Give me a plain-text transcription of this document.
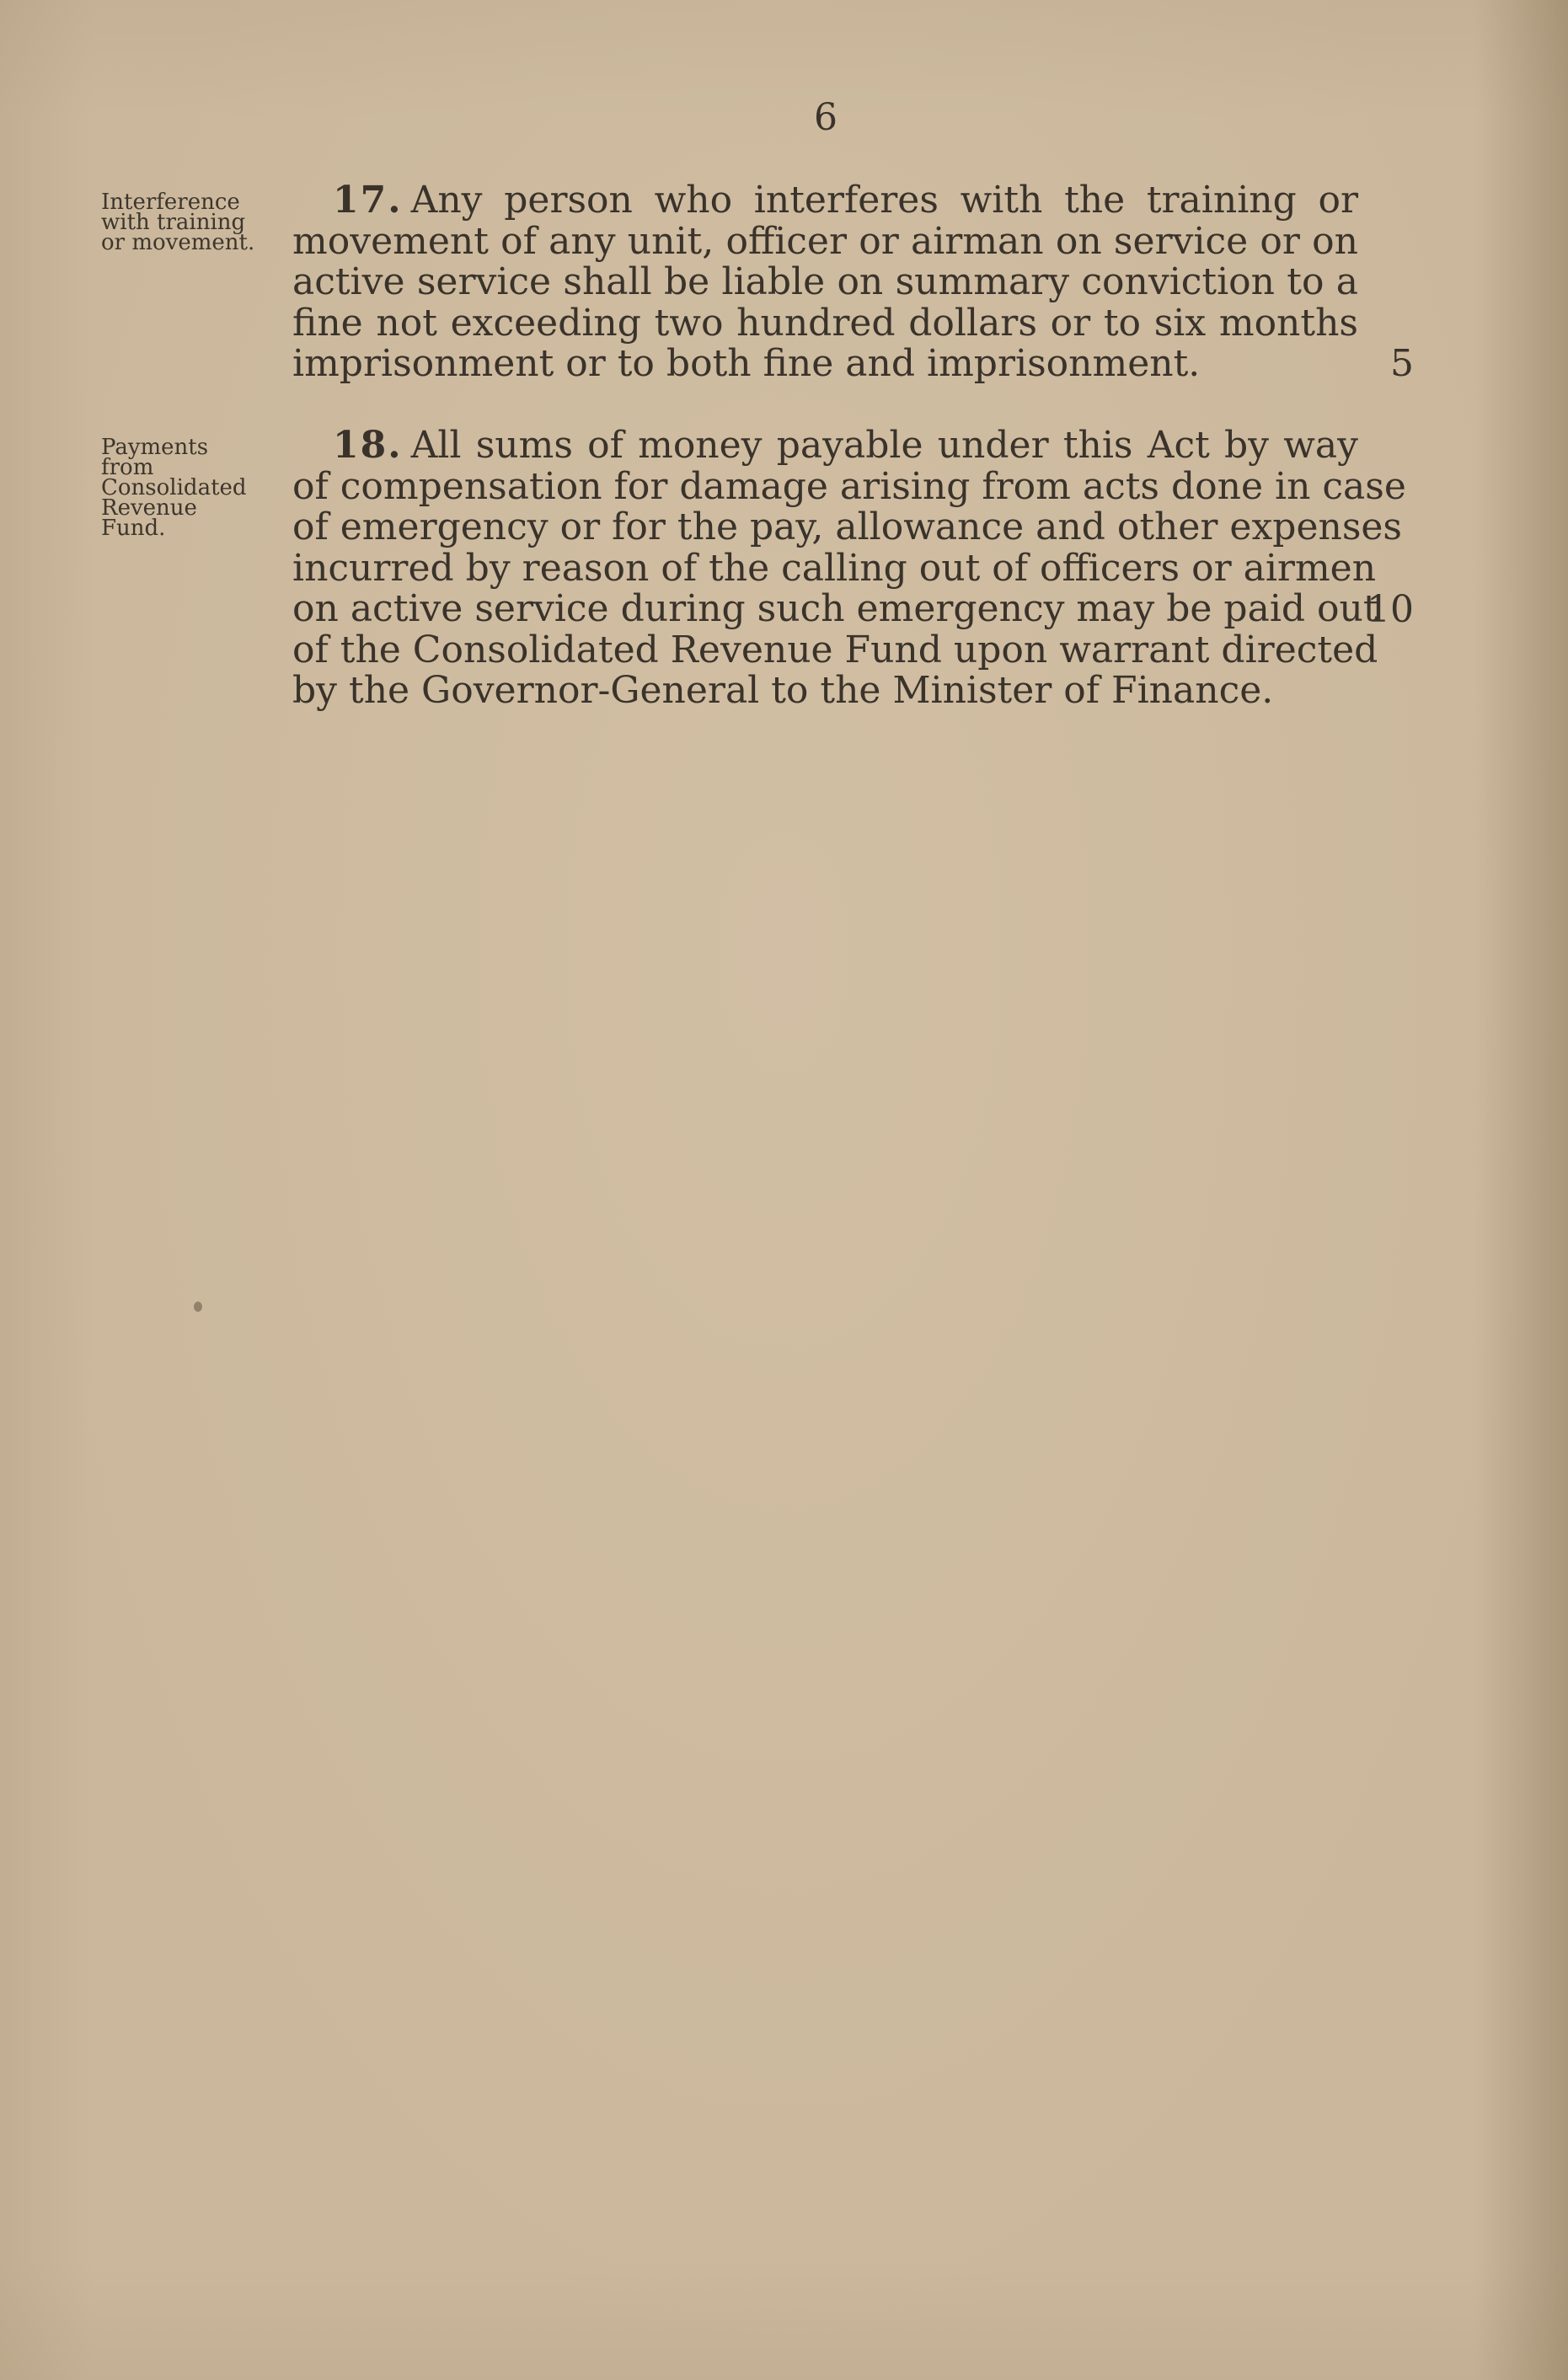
6
Interference
with training
or movement.
17. Any person who interferes with the training or
movement of any unit, officer or airman on service or on
active service shall be liable on summary conviction to a
fine not exceeding two hundred dollars or to six months
imprisonment or to both fine and imprisonment.
Payments
from
Consolidated
Revenue
Fund.
18. All sums of money payable under this Act by way
of compensation for damage arising from acts done in case
of emergency or for the pay, allowance and other expenses
incurred by reason of the calling out of officers or airmen
on active service during such emergency may be paid out
of the Consolidated Revenue Fund upon warrant directed
by the Governor-General to the Minister of Finance.
5
10
